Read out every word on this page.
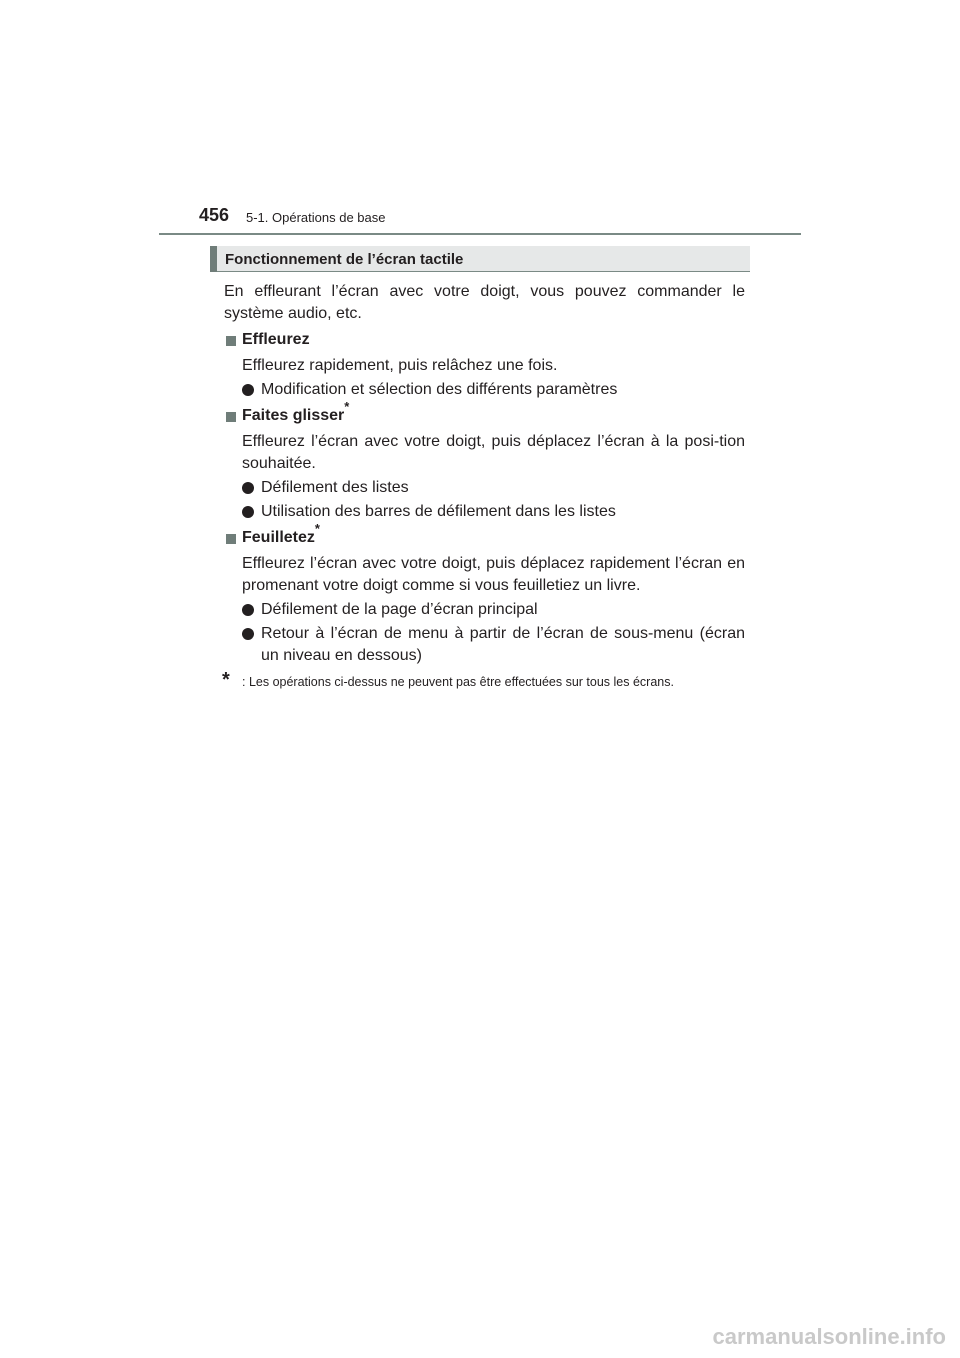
456 5-1. Opérations de base
Fonctionnement de l’écran tactile

En effleurant l’écran avec votre doigt, vous pouvez commander le système audio, etc.

Effleurez
Effleurez rapidement, puis relâchez une fois.
Modification et sélection des différents paramètres
Faites glisser*
Effleurez l’écran avec votre doigt, puis déplacez l’écran à la posi-tion souhaitée.
Défilement des listes
Utilisation des barres de défilement dans les listes
Feuilletez*
Effleurez l’écran avec votre doigt, puis déplacez rapidement l’écran en promenant votre doigt comme si vous feuilletiez un livre.
Défilement de la page d’écran principal
Retour à l’écran de menu à partir de l’écran de sous-menu (écran un niveau en dessous)
* : Les opérations ci-dessus ne peuvent pas être effectuées sur tous les écrans.
carmanualsonline.info
